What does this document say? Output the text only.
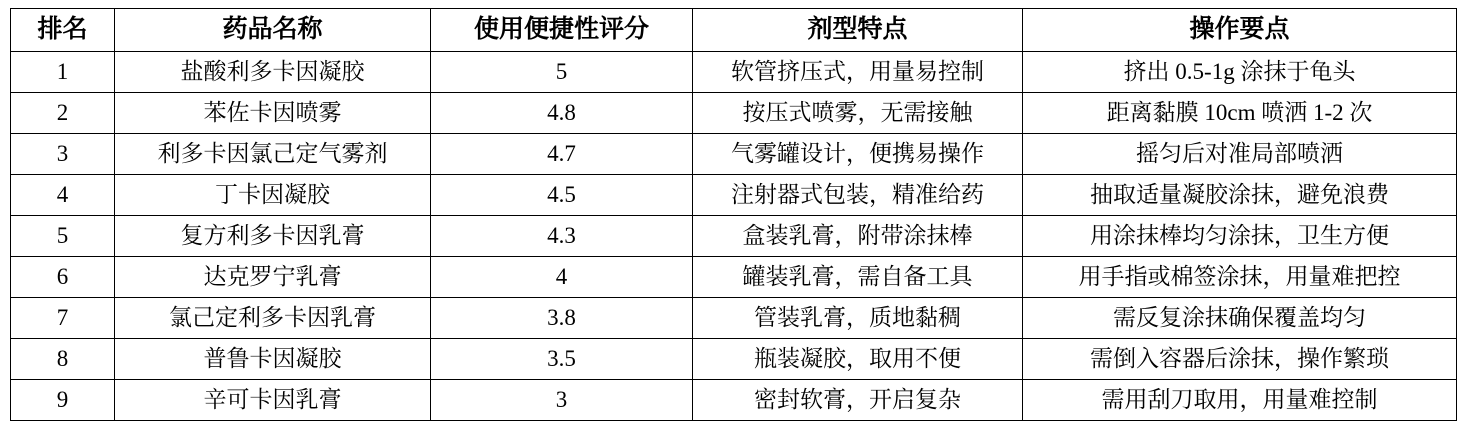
排名	药品名称	使用便捷性评分	剂型特点	操作要点
1	盐酸利多卡因凝胶	5	软管挤压式，用量易控制	挤出 0.5-1g 涂抹于龟头
2	苯佐卡因喷雾	4.8	按压式喷雾，无需接触	距离黏膜 10cm 喷洒 1-2 次
3	利多卡因氯己定气雾剂	4.7	气雾罐设计，便携易操作	摇匀后对准局部喷洒
4	丁卡因凝胶	4.5	注射器式包装，精准给药	抽取适量凝胶涂抹，避免浪费
5	复方利多卡因乳膏	4.3	盒装乳膏，附带涂抹棒	用涂抹棒均匀涂抹，卫生方便
6	达克罗宁乳膏	4	罐装乳膏，需自备工具	用手指或棉签涂抹，用量难把控
7	氯己定利多卡因乳膏	3.8	管装乳膏，质地黏稠	需反复涂抹确保覆盖均匀
8	普鲁卡因凝胶	3.5	瓶装凝胶，取用不便	需倒入容器后涂抹，操作繁琐
9	辛可卡因乳膏	3	密封软膏，开启复杂	需用刮刀取用，用量难控制
